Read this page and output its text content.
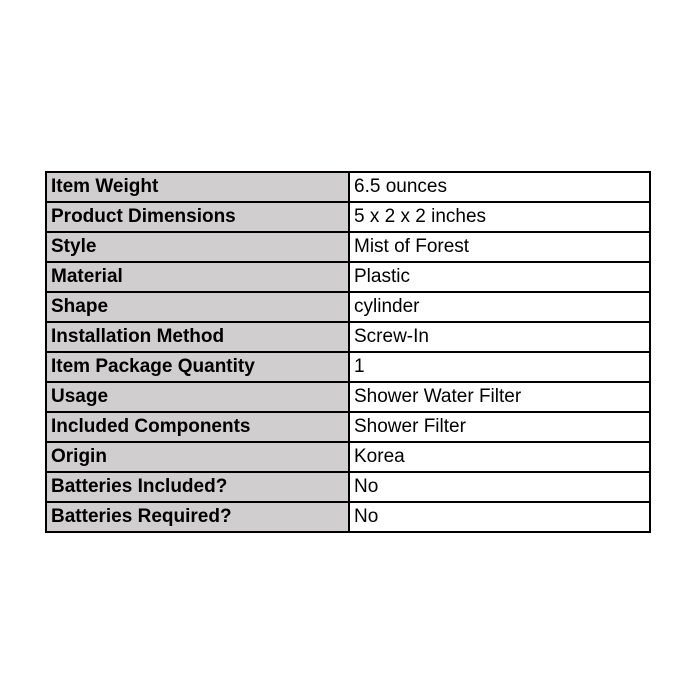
Item Weight	6.5 ounces
Product Dimensions	5 x 2 x 2 inches
Style	Mist of Forest
Material	Plastic
Shape	cylinder
Installation Method	Screw-In
Item Package Quantity	1
Usage	Shower Water Filter
Included Components	Shower Filter
Origin	Korea
Batteries Included?	No
Batteries Required?	No
